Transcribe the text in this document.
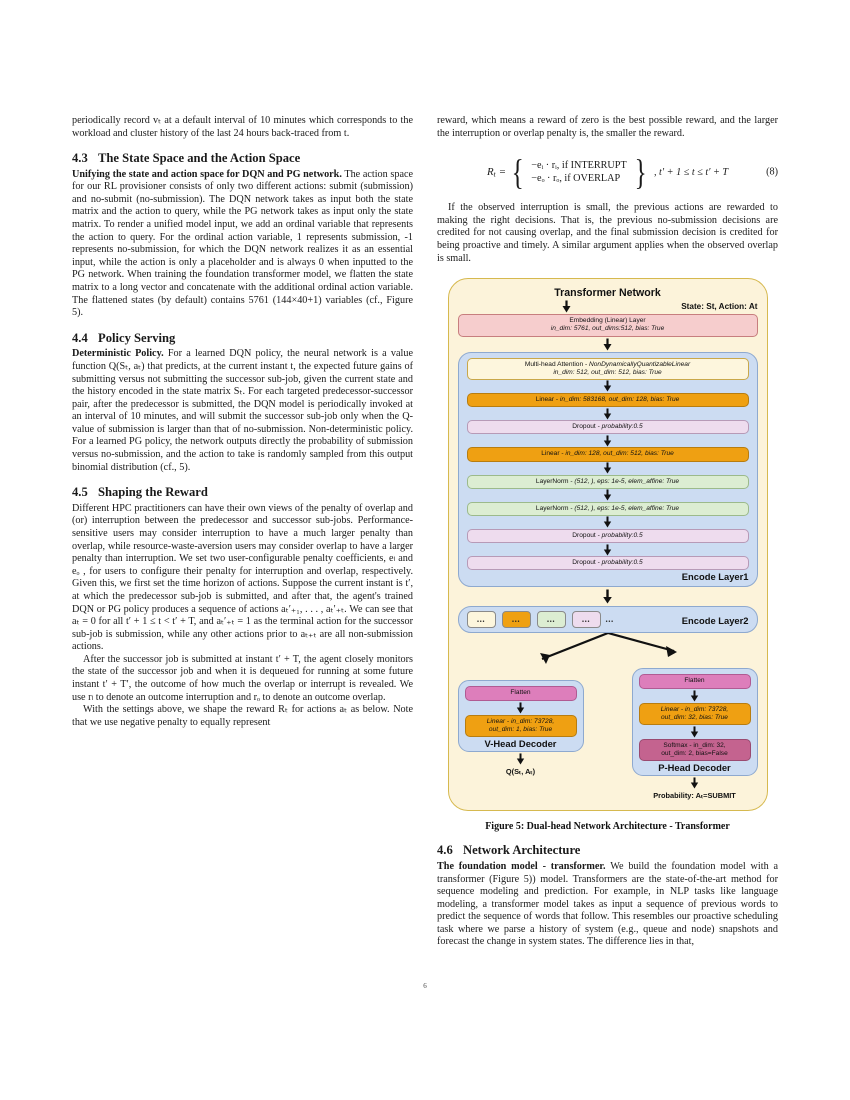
periodically record vₜ at a default interval of 10 minutes which corresponds to the workload and cluster history of the last 24 hours back-traced from t.

4.3 The State Space and the Action Space

Unifying the state and action space for DQN and PG network. The action space for our RL provisioner consists of only two different actions: submit (submission) and no-submit (no-submission). The DQN network takes as input both the state matrix and the action to query, while the PG network takes as input only the state matrix. To render a unified model input, we add an ordinal variable that represents the action to query. For the ordinal action variable, 1 represents submission, -1 represents no-submission, for which the DQN network realizes it as an essential input, while the action is only a placeholder and is always 0 when inputted to the PG network. When training the foundation transformer model, we flatten the state matrix to a long vector and concatenate with the additional ordinal action variable. The flattened states (by default) contains 5761 (144×40+1) variables (cf., Figure 5).

4.4 Policy Serving

Deterministic Policy. For a learned DQN policy, the neural network is a value function Q(Sₜ, aₜ) that predicts, at the current instant t, the expected future gains of submitting versus not submitting the successor sub-job, given the current state and the history encoded in the state matrix Sₜ. For each targeted predecessor-successor pair, after the predecessor is submitted, the DQN model is periodically invoked at an interval of 10 minutes, and will submit the successor sub-job only when the Q-value of submission is larger than that of no-submission. Non-deterministic policy. For a learned PG policy, the network outputs directly the probability of submission versus no-submission, and the action to take is randomly sampled from this output binomial distribution (cf., 5).

4.5 Shaping the Reward

Different HPC practitioners can have their own views of the penalty of overlap and (or) interruption between the predecessor and successor sub-jobs. Performance-sensitive users may consider interruption to have a much larger penalty than overlap, while resource-waste-aversion users may consider overlap to have a larger penalty than interruption. We set two user-configurable penalty coefficients, eₗ and eₒ , for users to configure their penalty for interruption and overlap, respectively. Given this, we first set the time horizon of actions. Suppose the current instant is t′, at which the predecessor sub-job is submitted, and after that, the agent's trained DQN or PG policy produces a sequence of actions aₜ′₊₁, . . . , aₜ′₊ₜ. We can see that aₜ = 0 for all t′ + 1 ≤ t < t′ + T, and aₜ′₊ₜ = 1 as the terminal action for the successor sub-job is submission, while any other actions prior to aₜ₊ₜ are all non-submission actions.

After the successor job is submitted at instant t′ + T, the agent closely monitors the state of the successor job and when it is dequeued for running at some future instant t′ + T′, the outcome of how much the overlap or interrupt is revealed. We use rₗ to denote an outcome interruption and rₒ to denote an outcome overlap.

With the settings above, we shape the reward Rₜ for actions aₜ as below. Note that we use negative penalty to equally represent

reward, which means a reward of zero is the best possible reward, and the larger the interruption or overlap penalty is, the smaller the reward.

$R_t$ = { −eᵢ · rᵢ, if INTERRUPT
−eₒ · rₒ, if OVERLAP } , t′ + 1 ≤ t ≤ t′ + T	(8)

If the observed interruption is small, the previous actions are rewarded to making the right decisions. That is, the previous no-submission decisions are credited for not causing overlap, and the final submission decision is credited for being proactive and timely. A similar argument applies when the observed overlap is small.

Transformer Network
State: St, Action: At
Embedding (Linear) Layer
in_dim: 5761, out_dims:512, bias: True
Multi-head Attention - NonDynamicallyQuantizableLinear
in_dim: 512, out_dim: 512, bias: True
Linear - in_dim: 583168, out_dim: 128, bias: True
Dropout - probability:0.5
Linear - in_dim: 128, out_dim: 512, bias: True
LayerNorm - (512, ), eps: 1e-5, elem_affine: True
LayerNorm - (512, ), eps: 1e-5, elem_affine: True
Dropout - probability:0.5
Dropout - probability:0.5
Encode Layer1
...	...	...	...	...	Encode Layer2
Flatten
Linear - in_dim: 73728,
out_dim: 1, bias: True
V-Head Decoder
Q(Sₜ, Aₜ)
Flatten
Linear - in_dim: 73728,
out_dim: 32, bias: True
Softmax - in_dim: 32,
out_dim: 2, bias=False
P-Head Decoder
Probability: Aₜ=SUBMIT
Figure 5: Dual-head Network Architecture - Transformer
4.6 Network Architecture

The foundation model - transformer. We build the foundation model with a transformer (Figure 5)) model. Transformers are the state-of-the-art method for sequence modeling and prediction. For example, in NLP tasks like language modeling, a transformer model takes as input a sequence of previous words to predict the sequence of words that follow. This resembles our proactive scheduling task where we parse a history of system (e.g., queue and node) snapshots and forecast the change in system states. The difference lies in that,

6
